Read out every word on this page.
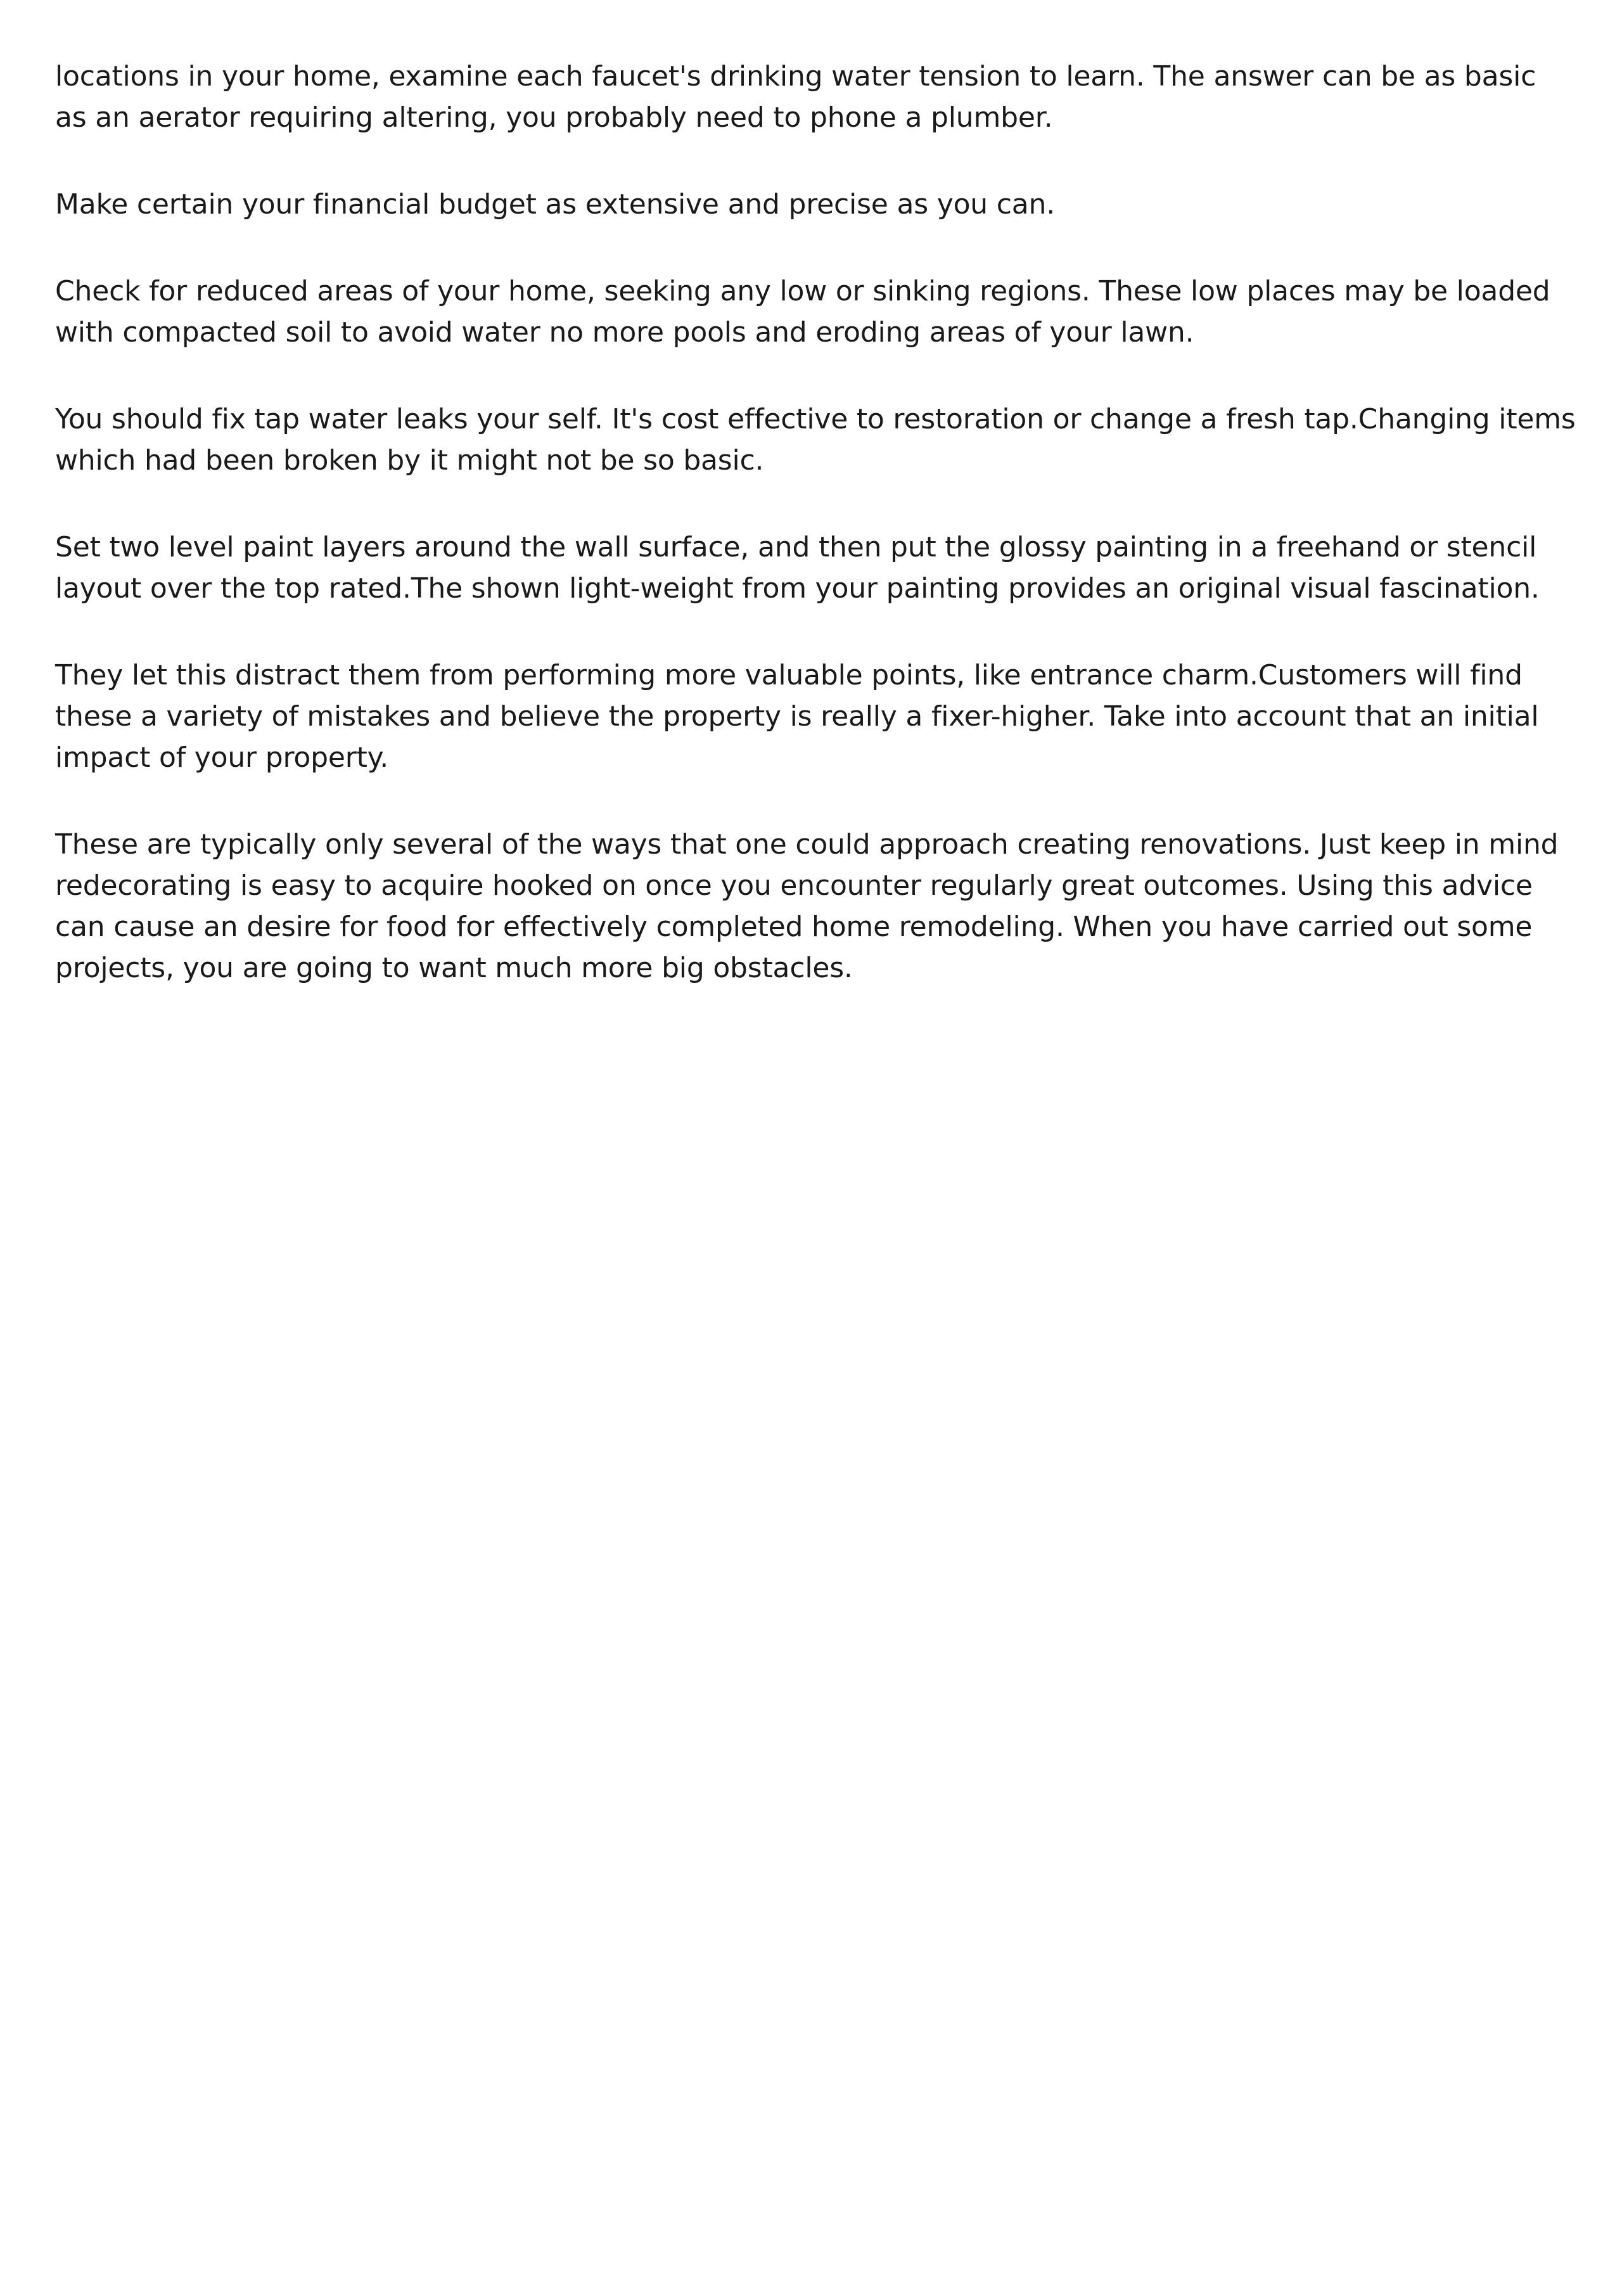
locations in your home, examine each faucet's drinking water tension to learn. The answer can be as basic as an aerator requiring altering, you probably need to phone a plumber.

Make certain your financial budget as extensive and precise as you can.

Check for reduced areas of your home, seeking any low or sinking regions. These low places may be loaded with compacted soil to avoid water no more pools and eroding areas of your lawn.

You should fix tap water leaks your self. It's cost effective to restoration or change a fresh tap.Changing items which had been broken by it might not be so basic.

Set two level paint layers around the wall surface, and then put the glossy painting in a freehand or stencil layout over the top rated.The shown light-weight from your painting provides an original visual fascination.

They let this distract them from performing more valuable points, like entrance charm.Customers will find these a variety of mistakes and believe the property is really a fixer-higher. Take into account that an initial impact of your property.

These are typically only several of the ways that one could approach creating renovations. Just keep in mind redecorating is easy to acquire hooked on once you encounter regularly great outcomes. Using this advice can cause an desire for food for effectively completed home remodeling. When you have carried out some projects, you are going to want much more big obstacles.
